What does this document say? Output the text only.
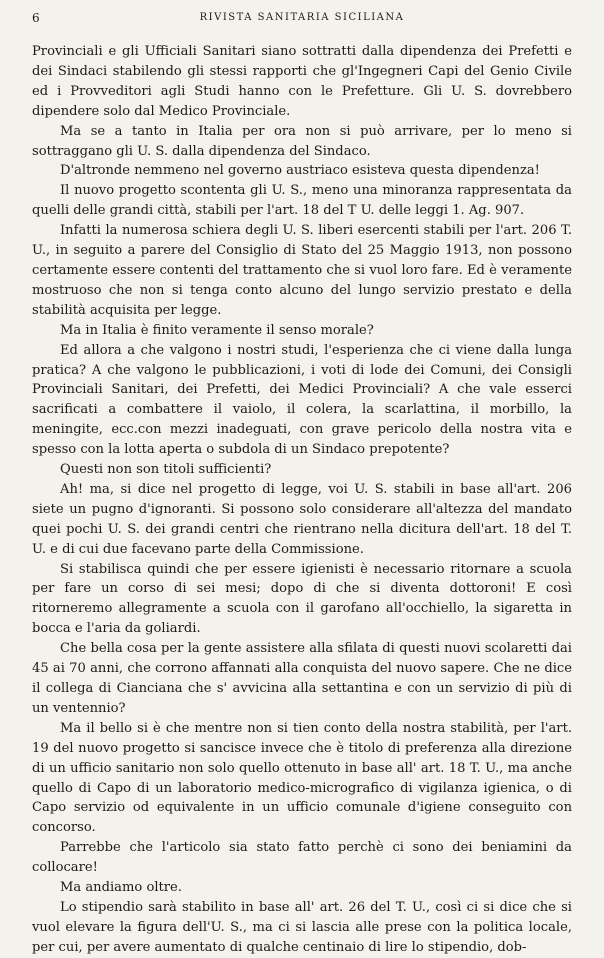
6	RIVISTA SANITARIA SICILIANA

Provinciali e gli Ufficiali Sanitari siano sottratti dalla dipendenza dei Prefetti e dei Sindaci stabilendo gli stessi rapporti che gl'Ingegneri Capi del Genio Civile ed i Provveditori agli Studi hanno con le Prefetture. Gli U. S. dovrebbero dipendere solo dal Medico Provinciale.

Ma se a tanto in Italia per ora non si può arrivare, per lo meno si sottraggano gli U. S. dalla dipendenza del Sindaco.

D'altronde nemmeno nel governo austriaco esisteva questa dipendenza!

Il nuovo progetto scontenta gli U. S., meno una minoranza rappresentata da quelli delle grandi città, stabili per l'art. 18 del T U. delle leggi 1. Ag. 907.

Infatti la numerosa schiera degli U. S. liberi esercenti stabili per l'art. 206 T. U., in seguito a parere del Consiglio di Stato del 25 Maggio 1913, non possono certamente essere contenti del trattamento che si vuol loro fare. Ed è veramente mostruoso che non si tenga conto alcuno del lungo servizio prestato e della stabilità acquisita per legge.

Ma in Italia è finito veramente il senso morale?

Ed allora a che valgono i nostri studi, l'esperienza che ci viene dalla lunga pratica? A che valgono le pubblicazioni, i voti di lode dei Comuni, dei Consigli Provinciali Sanitari, dei Prefetti, dei Medici Provinciali? A che vale esserci sacrificati a combattere il vaiolo, il colera, la scarlattina, il morbillo, la meningite, ecc.con mezzi inadeguati, con grave pericolo della nostra vita e spesso con la lotta aperta o subdola di un Sindaco prepotente?

Questi non son titoli sufficienti?

Ah! ma, si dice nel progetto di legge, voi U. S. stabili in base all'art. 206 siete un pugno d'ignoranti. Si possono solo considerare all'altezza del mandato quei pochi U. S. dei grandi centri che rientrano nella dicitura dell'art. 18 del T. U. e di cui due facevano parte della Commissione.

Si stabilisca quindi che per essere igienisti è necessario ritornare a scuola per fare un corso di sei mesi; dopo di che si diventa dottoroni! E così ritorneremo allegramente a scuola con il garofano all'occhiello, la sigaretta in bocca e l'aria da goliardi.

Che bella cosa per la gente assistere alla sfilata di questi nuovi scolaretti dai 45 ai 70 anni, che corrono affannati alla conquista del nuovo sapere. Che ne dice il collega di Cianciana che s' avvicina alla settantina e con un servizio di più di un ventennio?

Ma il bello si è che mentre non si tien conto della nostra stabilità, per l'art. 19 del nuovo progetto si sancisce invece che è titolo di preferenza alla direzione di un ufficio sanitario non solo quello ottenuto in base all' art. 18 T. U., ma anche quello di Capo di un laboratorio medico-micrografico di vigilanza igienica, o di Capo servizio od equivalente in un ufficio comunale d'igiene conseguito con concorso.

Parrebbe che l'articolo sia stato fatto perchè ci sono dei beniamini da collocare!

Ma andiamo oltre.

Lo stipendio sarà stabilito in base all' art. 26 del T. U., così ci si dice che si vuol elevare la figura dell'U. S., ma ci si lascia alle prese con la politica locale, per cui, per avere aumentato di qualche centinaio di lire lo stipendio, dob-
